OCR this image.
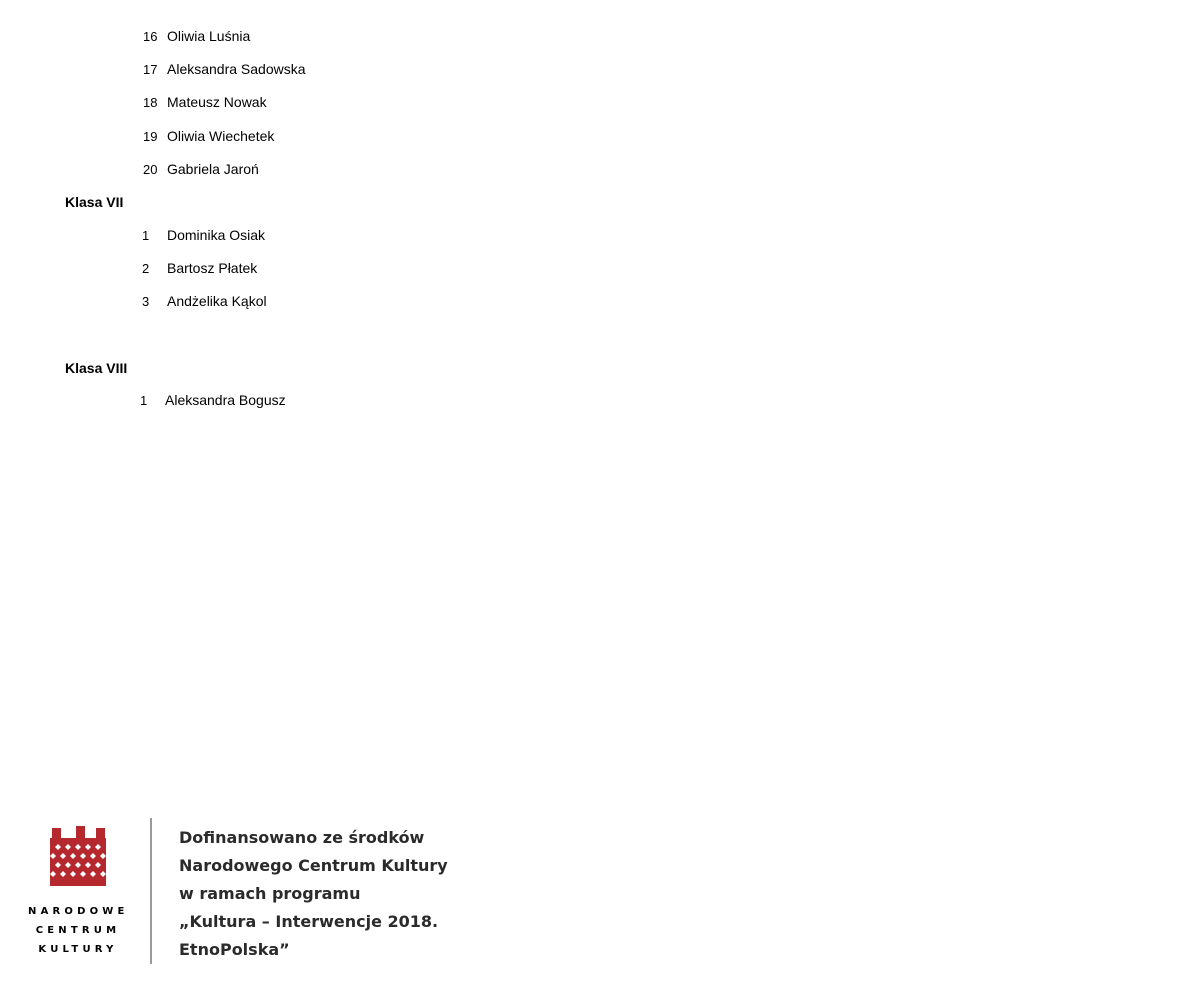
16 Oliwia Luśnia
17 Aleksandra Sadowska
18 Mateusz Nowak
19 Oliwia Wiechetek
20 Gabriela Jaroń
Klasa VII
1 Dominika Osiak
2 Bartosz Płatek
3 Andżelika Kąkol
Klasa VIII
1 Aleksandra Bogusz
NARODOWE
CENTRUM
KULTURY
Dofinansowano ze środków
Narodowego Centrum Kultury
w ramach programu
„Kultura – Interwencje 2018.
EtnoPolska”
